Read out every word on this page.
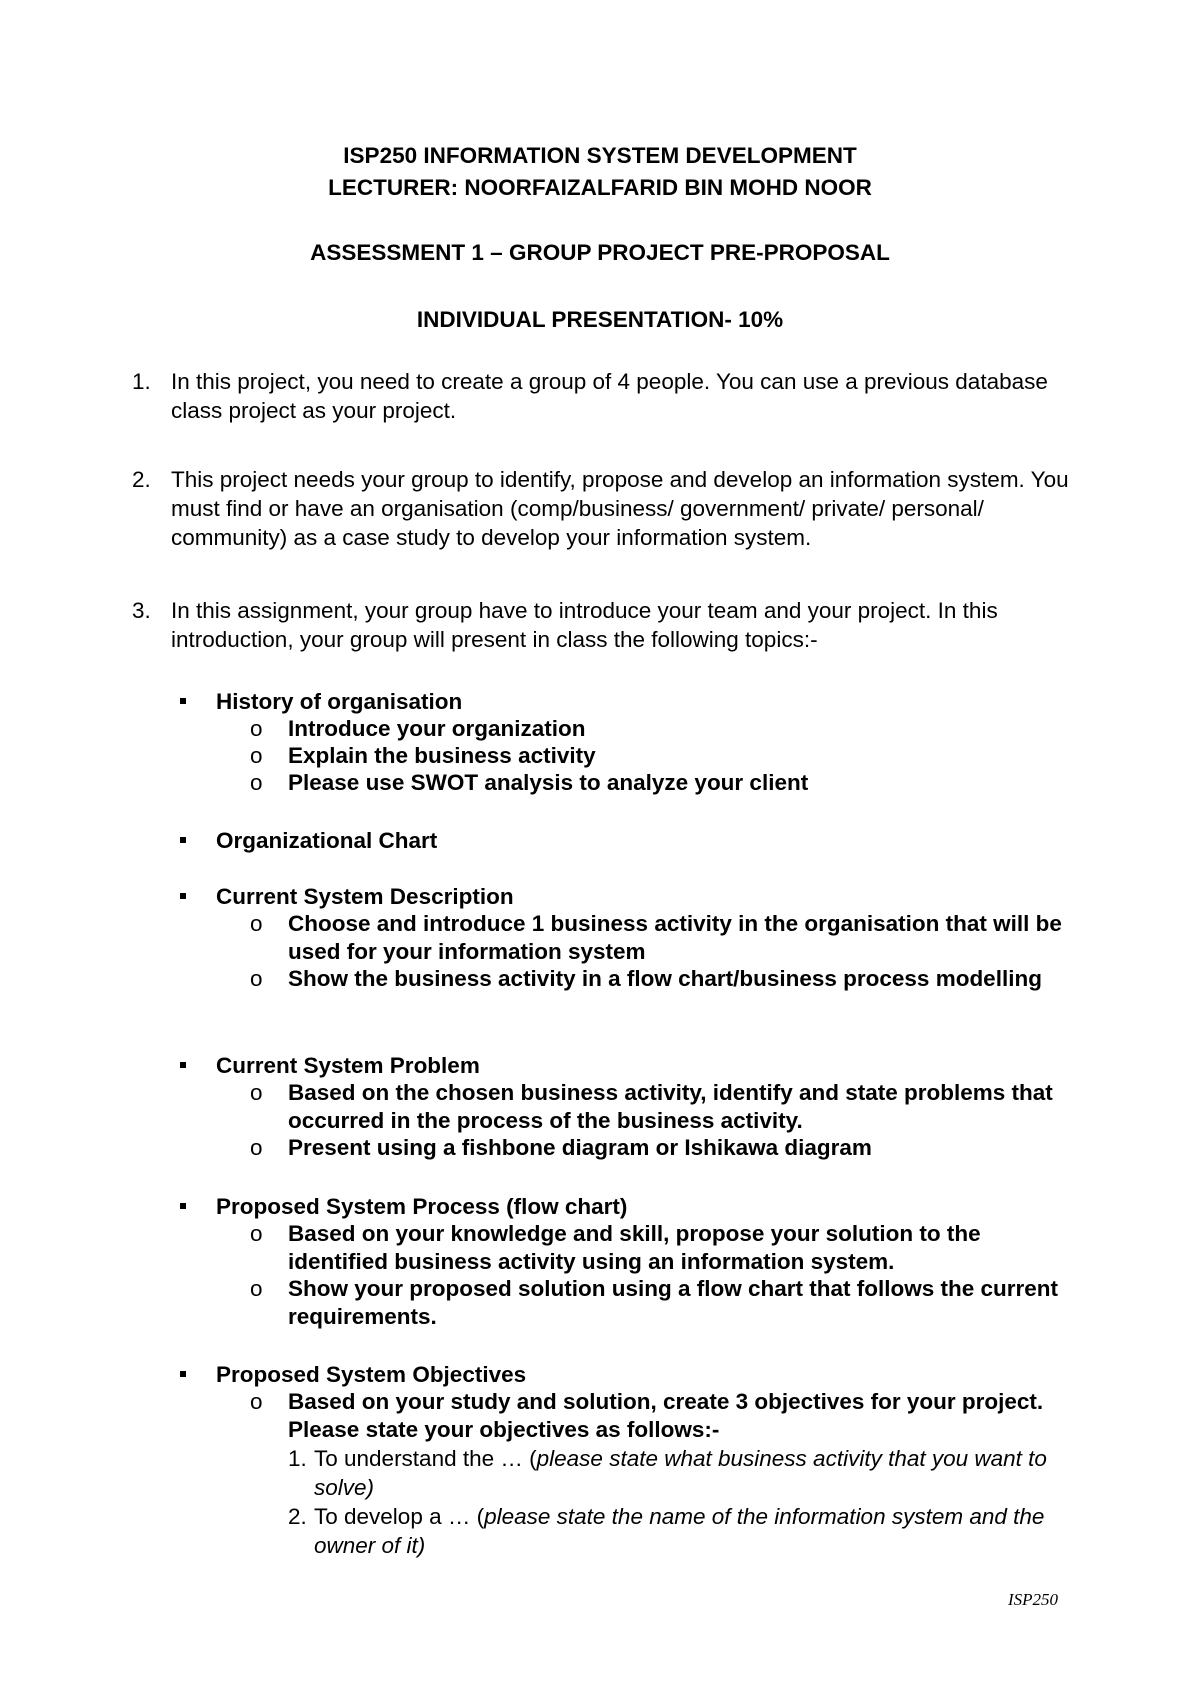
ISP250 INFORMATION SYSTEM DEVELOPMENT
LECTURER: NOORFAIZALFARID BIN MOHD NOOR
ASSESSMENT 1 – GROUP PROJECT PRE-PROPOSAL
INDIVIDUAL PRESENTATION- 10%
1. In this project, you need to create a group of 4 people. You can use a previous database class project as your project.
2. This project needs your group to identify, propose and develop an information system. You must find or have an organisation (comp/business/ government/ private/ personal/ community) as a case study to develop your information system.
3. In this assignment, your group have to introduce your team and your project. In this introduction, your group will present in class the following topics:-
History of organisation
o Introduce your organization
o Explain the business activity
o Please use SWOT analysis to analyze your client
Organizational Chart
Current System Description
o Choose and introduce 1 business activity in the organisation that will be used for your information system
o Show the business activity in a flow chart/business process modelling
Current System Problem
o Based on the chosen business activity, identify and state problems that occurred in the process of the business activity.
o Present using a fishbone diagram or Ishikawa diagram
Proposed System Process (flow chart)
o Based on your knowledge and skill, propose your solution to the identified business activity using an information system.
o Show your proposed solution using a flow chart that follows the current requirements.
Proposed System Objectives
o Based on your study and solution, create 3 objectives for your project. Please state your objectives as follows:-
1. To understand the … (please state what business activity that you want to solve)
2. To develop a … (please state the name of the information system and the owner of it)
ISP250
